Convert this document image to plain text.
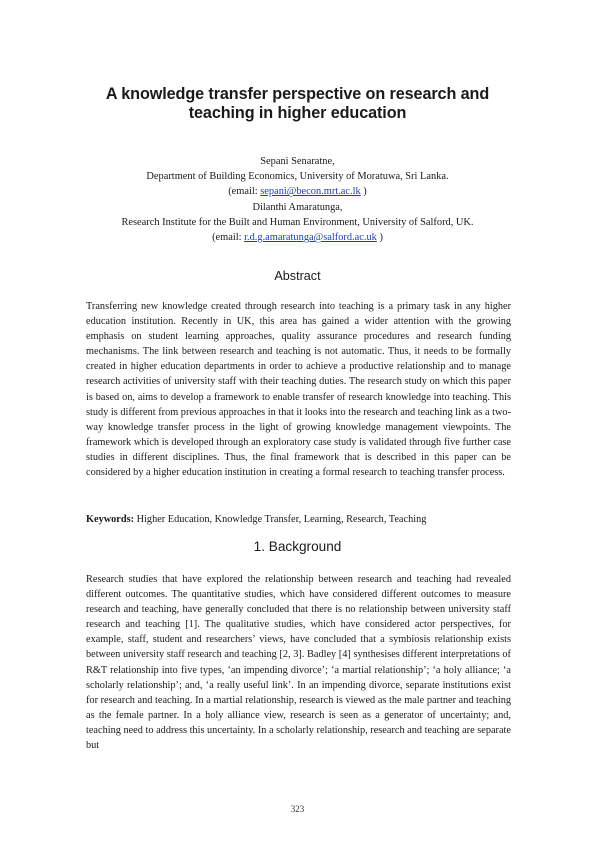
A knowledge transfer perspective on research and
teaching in higher education
Sepani Senaratne,
Department of Building Economics, University of Moratuwa, Sri Lanka.
(email: sepani@becon.mrt.ac.lk )
Dilanthi Amaratunga,
Research Institute for the Built and Human Environment, University of Salford, UK.
(email: r.d.g.amaratunga@salford.ac.uk )
Abstract
Transferring new knowledge created through research into teaching is a primary task in any higher education institution. Recently in UK, this area has gained a wider attention with the growing emphasis on student learning approaches, quality assurance procedures and research funding mechanisms. The link between research and teaching is not automatic. Thus, it needs to be formally created in higher education departments in order to achieve a productive relationship and to manage research activities of university staff with their teaching duties. The research study on which this paper is based on, aims to develop a framework to enable transfer of research knowledge into teaching. This study is different from previous approaches in that it looks into the research and teaching link as a two-way knowledge transfer process in the light of growing knowledge management viewpoints. The framework which is developed through an exploratory case study is validated through five further case studies in different disciplines. Thus, the final framework that is described in this paper can be considered by a higher education institution in creating a formal research to teaching transfer process.
Keywords: Higher Education, Knowledge Transfer, Learning, Research, Teaching
1. Background
Research studies that have explored the relationship between research and teaching had revealed different outcomes. The quantitative studies, which have considered different outcomes to measure research and teaching, have generally concluded that there is no relationship between university staff research and teaching [1]. The qualitative studies, which have considered actor perspectives, for example, staff, student and researchers’ views, have concluded that a symbiosis relationship exists between university staff research and teaching [2, 3]. Badley [4] synthesises different interpretations of R&T relationship into five types, ‘an impending divorce’; ‘a martial relationship’; ‘a holy alliance; ‘a scholarly relationship’; and, ‘a really useful link’. In an impending divorce, separate institutions exist for research and teaching. In a martial relationship, research is viewed as the male partner and teaching as the female partner. In a holy alliance view, research is seen as a generator of uncertainty; and, teaching need to address this uncertainty. In a scholarly relationship, research and teaching are separate but
323
